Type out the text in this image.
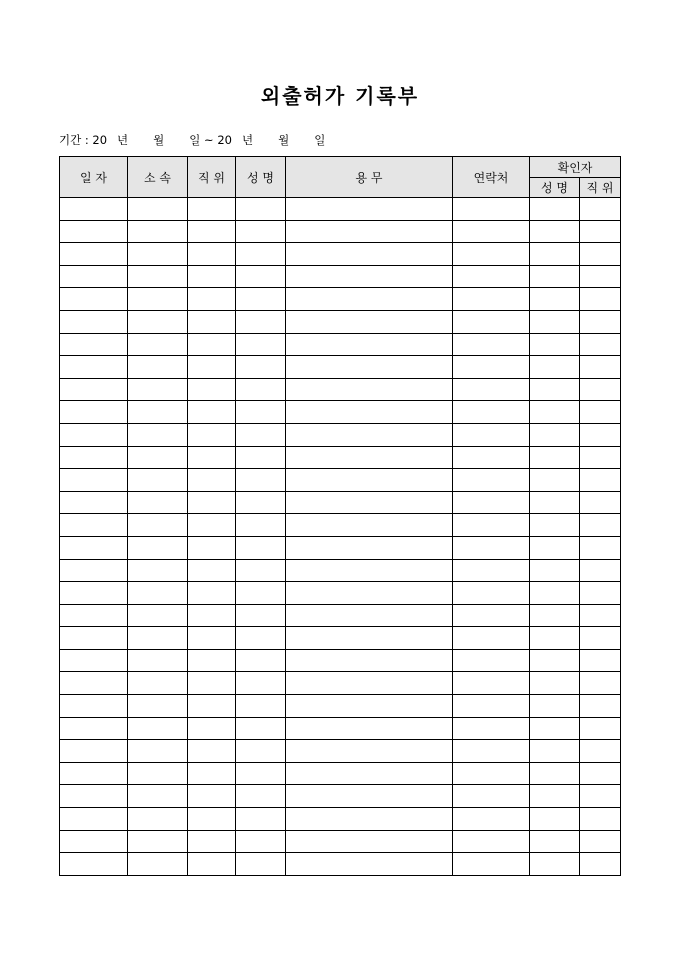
외출허가 기록부
기간 : 20 년 월 일 ~ 20 년 월 일
일 자	소 속	직 위	성 명	용 무	연락처	확인자	
						성 명	직 위
